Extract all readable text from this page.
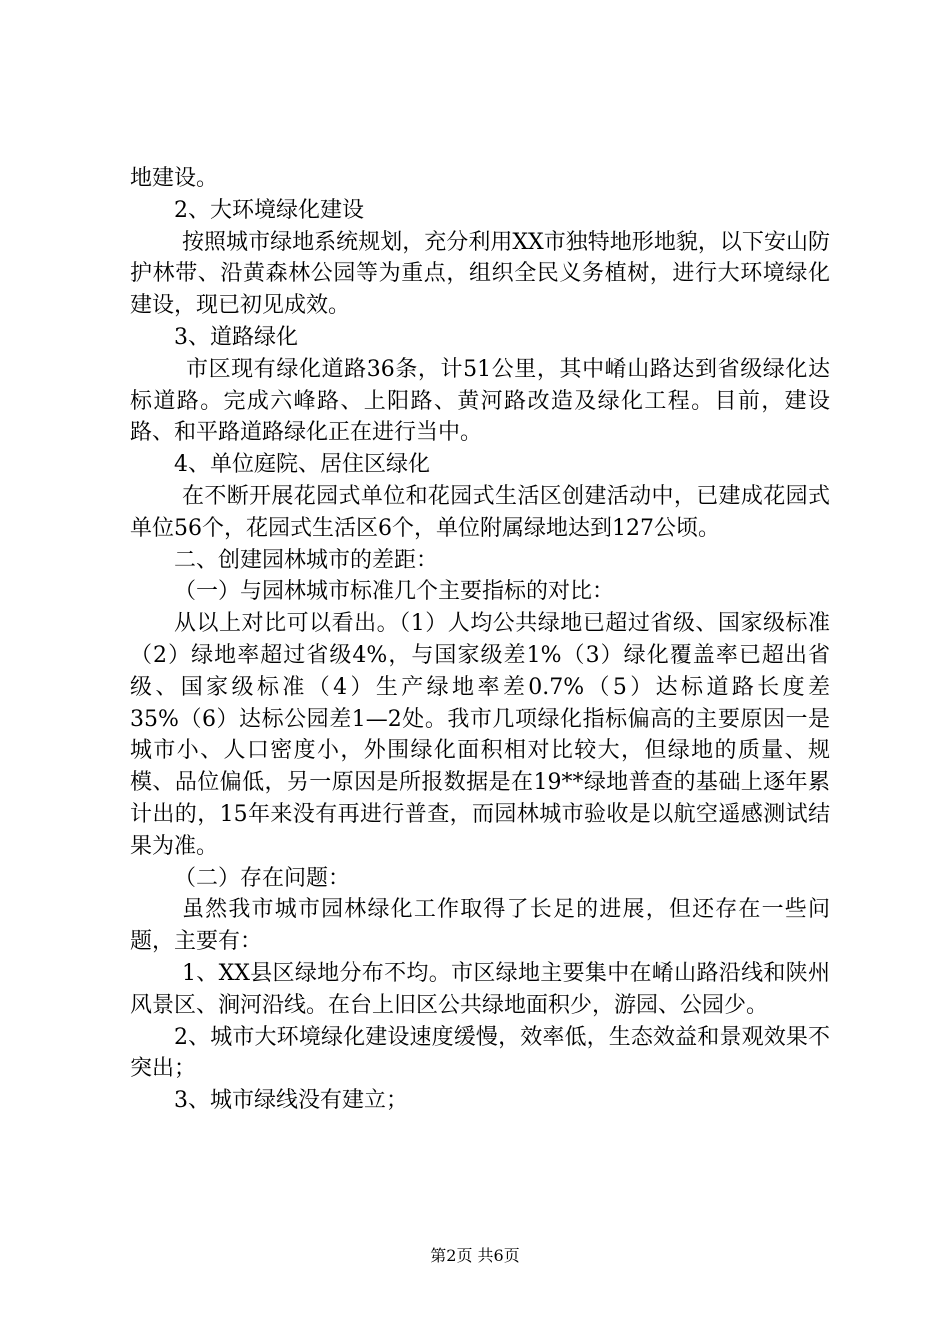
地建设。

2、大环境绿化建设

按照城市绿地系统规划，充分利用XX市独特地形地貌，以下安山防护林带、沿黄森林公园等为重点，组织全民义务植树，进行大环境绿化建设，现已初见成效。

3、道路绿化

市区现有绿化道路36条，计51公里，其中崤山路达到省级绿化达标道路。完成六峰路、上阳路、黄河路改造及绿化工程。目前，建设路、和平路道路绿化正在进行当中。

4、单位庭院、居住区绿化

在不断开展花园式单位和花园式生活区创建活动中，已建成花园式单位56个，花园式生活区6个，单位附属绿地达到127公顷。

二、创建园林城市的差距：

（一）与园林城市标准几个主要指标的对比：

从以上对比可以看出。（1）人均公共绿地已超过省级、国家级标准（2）绿地率超过省级4%，与国家级差1%（3）绿化覆盖率已超出省级、国家级标准（4）生产绿地率差0.7%（5）达标道路长度差35%（6）达标公园差1—2处。我市几项绿化指标偏高的主要原因一是城市小、人口密度小，外围绿化面积相对比较大，但绿地的质量、规模、品位偏低，另一原因是所报数据是在19**绿地普查的基础上逐年累计出的，15年来没有再进行普查，而园林城市验收是以航空遥感测试结果为准。

（二）存在问题：

虽然我市城市园林绿化工作取得了长足的进展，但还存在一些问题，主要有：

1、XX县区绿地分布不均。市区绿地主要集中在崤山路沿线和陕州风景区、涧河沿线。在台上旧区公共绿地面积少，游园、公园少。

2、城市大环境绿化建设速度缓慢，效率低，生态效益和景观效果不突出；

3、城市绿线没有建立；

第2页 共6页
